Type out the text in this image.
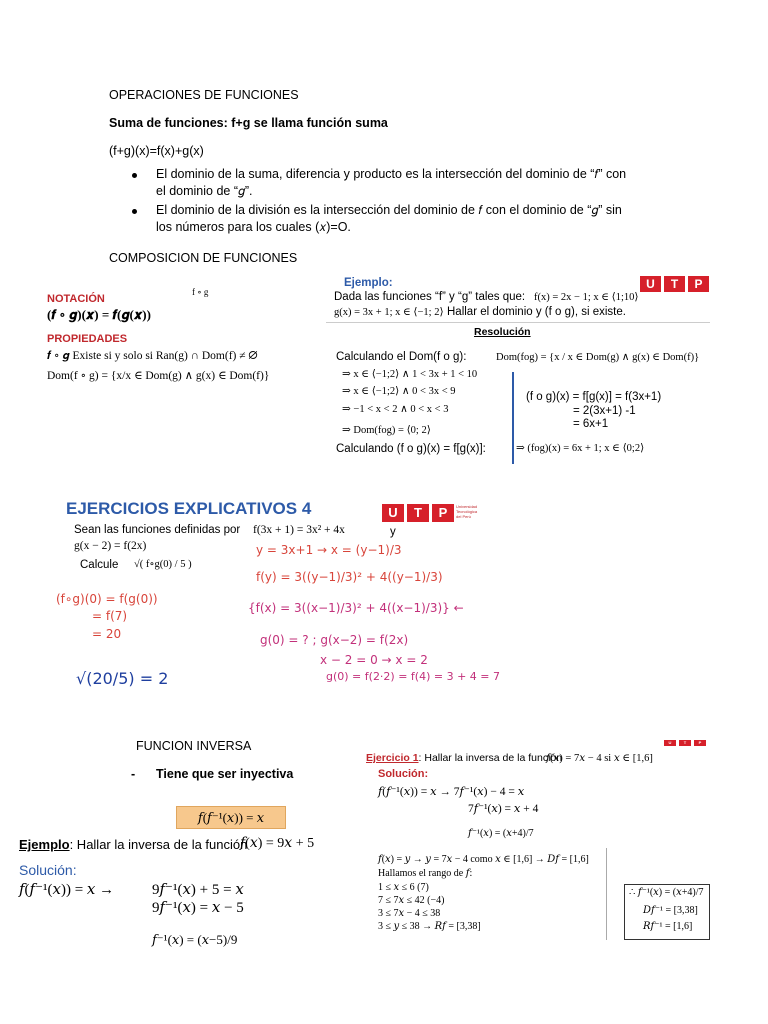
OPERACIONES DE FUNCIONES
Suma de funciones: f+g se llama función suma
(f+g)(x)=f(x)+g(x)
El dominio de la suma, diferencia y producto es la intersección del dominio de “𝑓” con
el dominio de “𝑔”.
El dominio de la división es la intersección del dominio de 𝑓 con el dominio de “𝑔” sin
los números para los cuales (𝑥)=O.
COMPOSICION DE FUNCIONES
f ∘ g
NOTACIÓN
(𝒇 ∘ 𝒈)(𝒙) = 𝒇(𝒈(𝒙))
PROPIEDADES
𝒇 ∘ 𝒈 Existe si y solo si Ran(g) ∩ Dom(f) ≠ ∅
Dom(f ∘ g) = {x/x ∈ Dom(g) ∧ g(x) ∈ Dom(f)}
Ejemplo:
Dada las funciones “f” y “g” tales que: f(x) = 2x − 1; x ∈ ⟨1;10⟩
g(x) = 3x + 1; x ∈ ⟨−1; 2⟩ Hallar el dominio y (f o g), si existe.
U	T	P
Resolución
Calculando el Dom(f o g):	Dom(fog) = {x / x ∈ Dom(g) ∧ g(x) ∈ Dom(f)}
⇒ x ∈ ⟨−1;2⟩ ∧ 1 < 3x + 1 < 10
⇒ x ∈ ⟨−1;2⟩ ∧ 0 < 3x < 9
⇒ −1 < x < 2 ∧ 0 < x < 3
⇒ Dom(fog) = ⟨0; 2⟩
Calculando (f o g)(x) = f[g(x)]:
(f o g)(x) = f[g(x)] = f(3x+1)
= 2(3x+1) -1
= 6x+1
⇒ (fog)(x) = 6x + 1; x ∈ ⟨0;2⟩
EJERCICIOS EXPLICATIVOS 4	U	T	P	Universidad Tecnológica del Perú
Sean las funciones definidas por f(3x + 1) = 3x² + 4x	y
g(x − 2) = f(2x)
Calcule √( f∘g(0) / 5 )
y = 3x+1 → x = (y−1)/3
f(y) = 3((y−1)/3)² + 4((y−1)/3)
{f(x) = 3((x−1)/3)² + 4((x−1)/3)} ←
g(0) = ? ; g(x−2) = f(2x)
x − 2 = 0 → x = 2
g(0) = f(2·2) = f(4) = 3 + 4 = 7
(f∘g)(0) = f(g(0))
= f(7)
= 20
√(20/5) = 2
FUNCION INVERSA
- Tiene que ser inyectiva
𝑓(𝑓⁻¹(𝑥)) = 𝑥
Ejemplo: Hallar la inversa de la función
𝑓(𝑥) = 9𝑥 + 5
Solución:
𝑓(𝑓⁻¹(𝑥)) = 𝑥 →	9𝑓⁻¹(𝑥) + 5 = 𝑥
9𝑓⁻¹(𝑥) = 𝑥 − 5
𝑓⁻¹(𝑥) = (𝑥−5)/9
Ejercicio 1: Hallar la inversa de la función
𝑓(𝑥) = 7𝑥 − 4 si 𝑥 ∈ [1,6]
U	T	P
Solución:
𝑓(𝑓⁻¹(𝑥)) = 𝑥 → 7𝑓⁻¹(𝑥) − 4 = 𝑥
7𝑓⁻¹(𝑥) = 𝑥 + 4
𝑓⁻¹(𝑥) = (𝑥+4)/7
𝑓(𝑥) = 𝑦 → 𝑦 = 7𝑥 − 4 como 𝑥 ∈ [1,6] → 𝐷𝑓 = [1,6]
Hallamos el rango de 𝑓:
1 ≤ 𝑥 ≤ 6 (7)
7 ≤ 7𝑥 ≤ 42 (−4)
3 ≤ 7𝑥 − 4 ≤ 38
3 ≤ 𝑦 ≤ 38 → 𝑅𝑓 = [3,38]
∴ 𝑓⁻¹(𝑥) = (𝑥+4)/7
𝐷𝑓⁻¹ = [3,38]
𝑅𝑓⁻¹ = [1,6]
